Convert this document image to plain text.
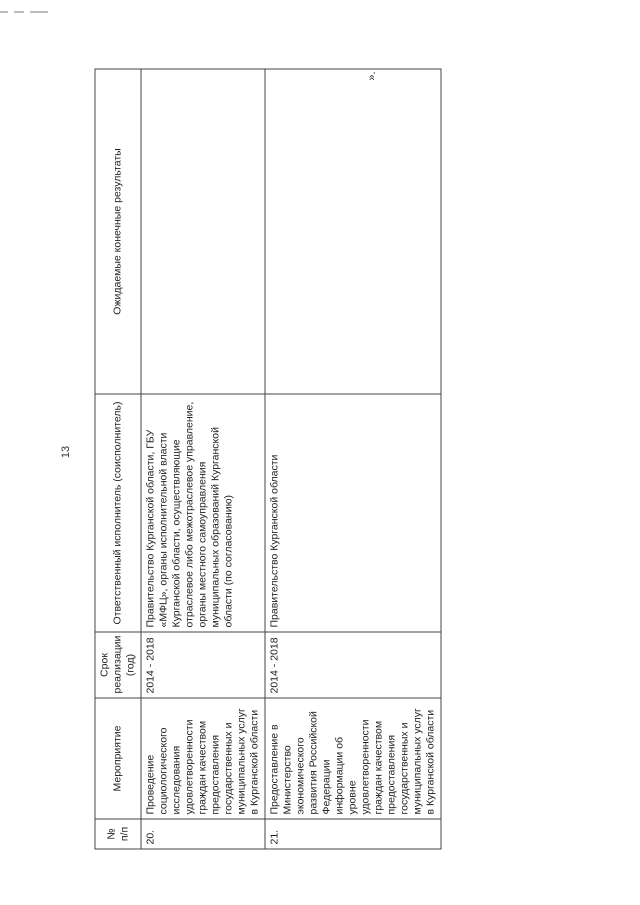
13
№ п/п	Мероприятие	Срок реализации (год)	Ответственный исполнитель (соисполнитель)	Ожидаемые конечные результаты
20.	Проведение социологического исследования удовлетворенности граждан качеством предоставления государственных и муниципальных услуг в Курганской области	2014 - 2018	Правительство Курганской области, ГБУ «МФЦ», органы исполнительной власти Курганской области, осуществляющие отраслевое либо межотраслевое управление, органы местного самоуправления муниципальных образований Курганской области (по согласованию)	
21.	Предоставление в Министерство экономического развития Российской Федерации информации об уровне удовлетворенности граждан качеством предоставления государственных и муниципальных услуг в Курганской области	2014 - 2018	Правительство Курганской области	
».
